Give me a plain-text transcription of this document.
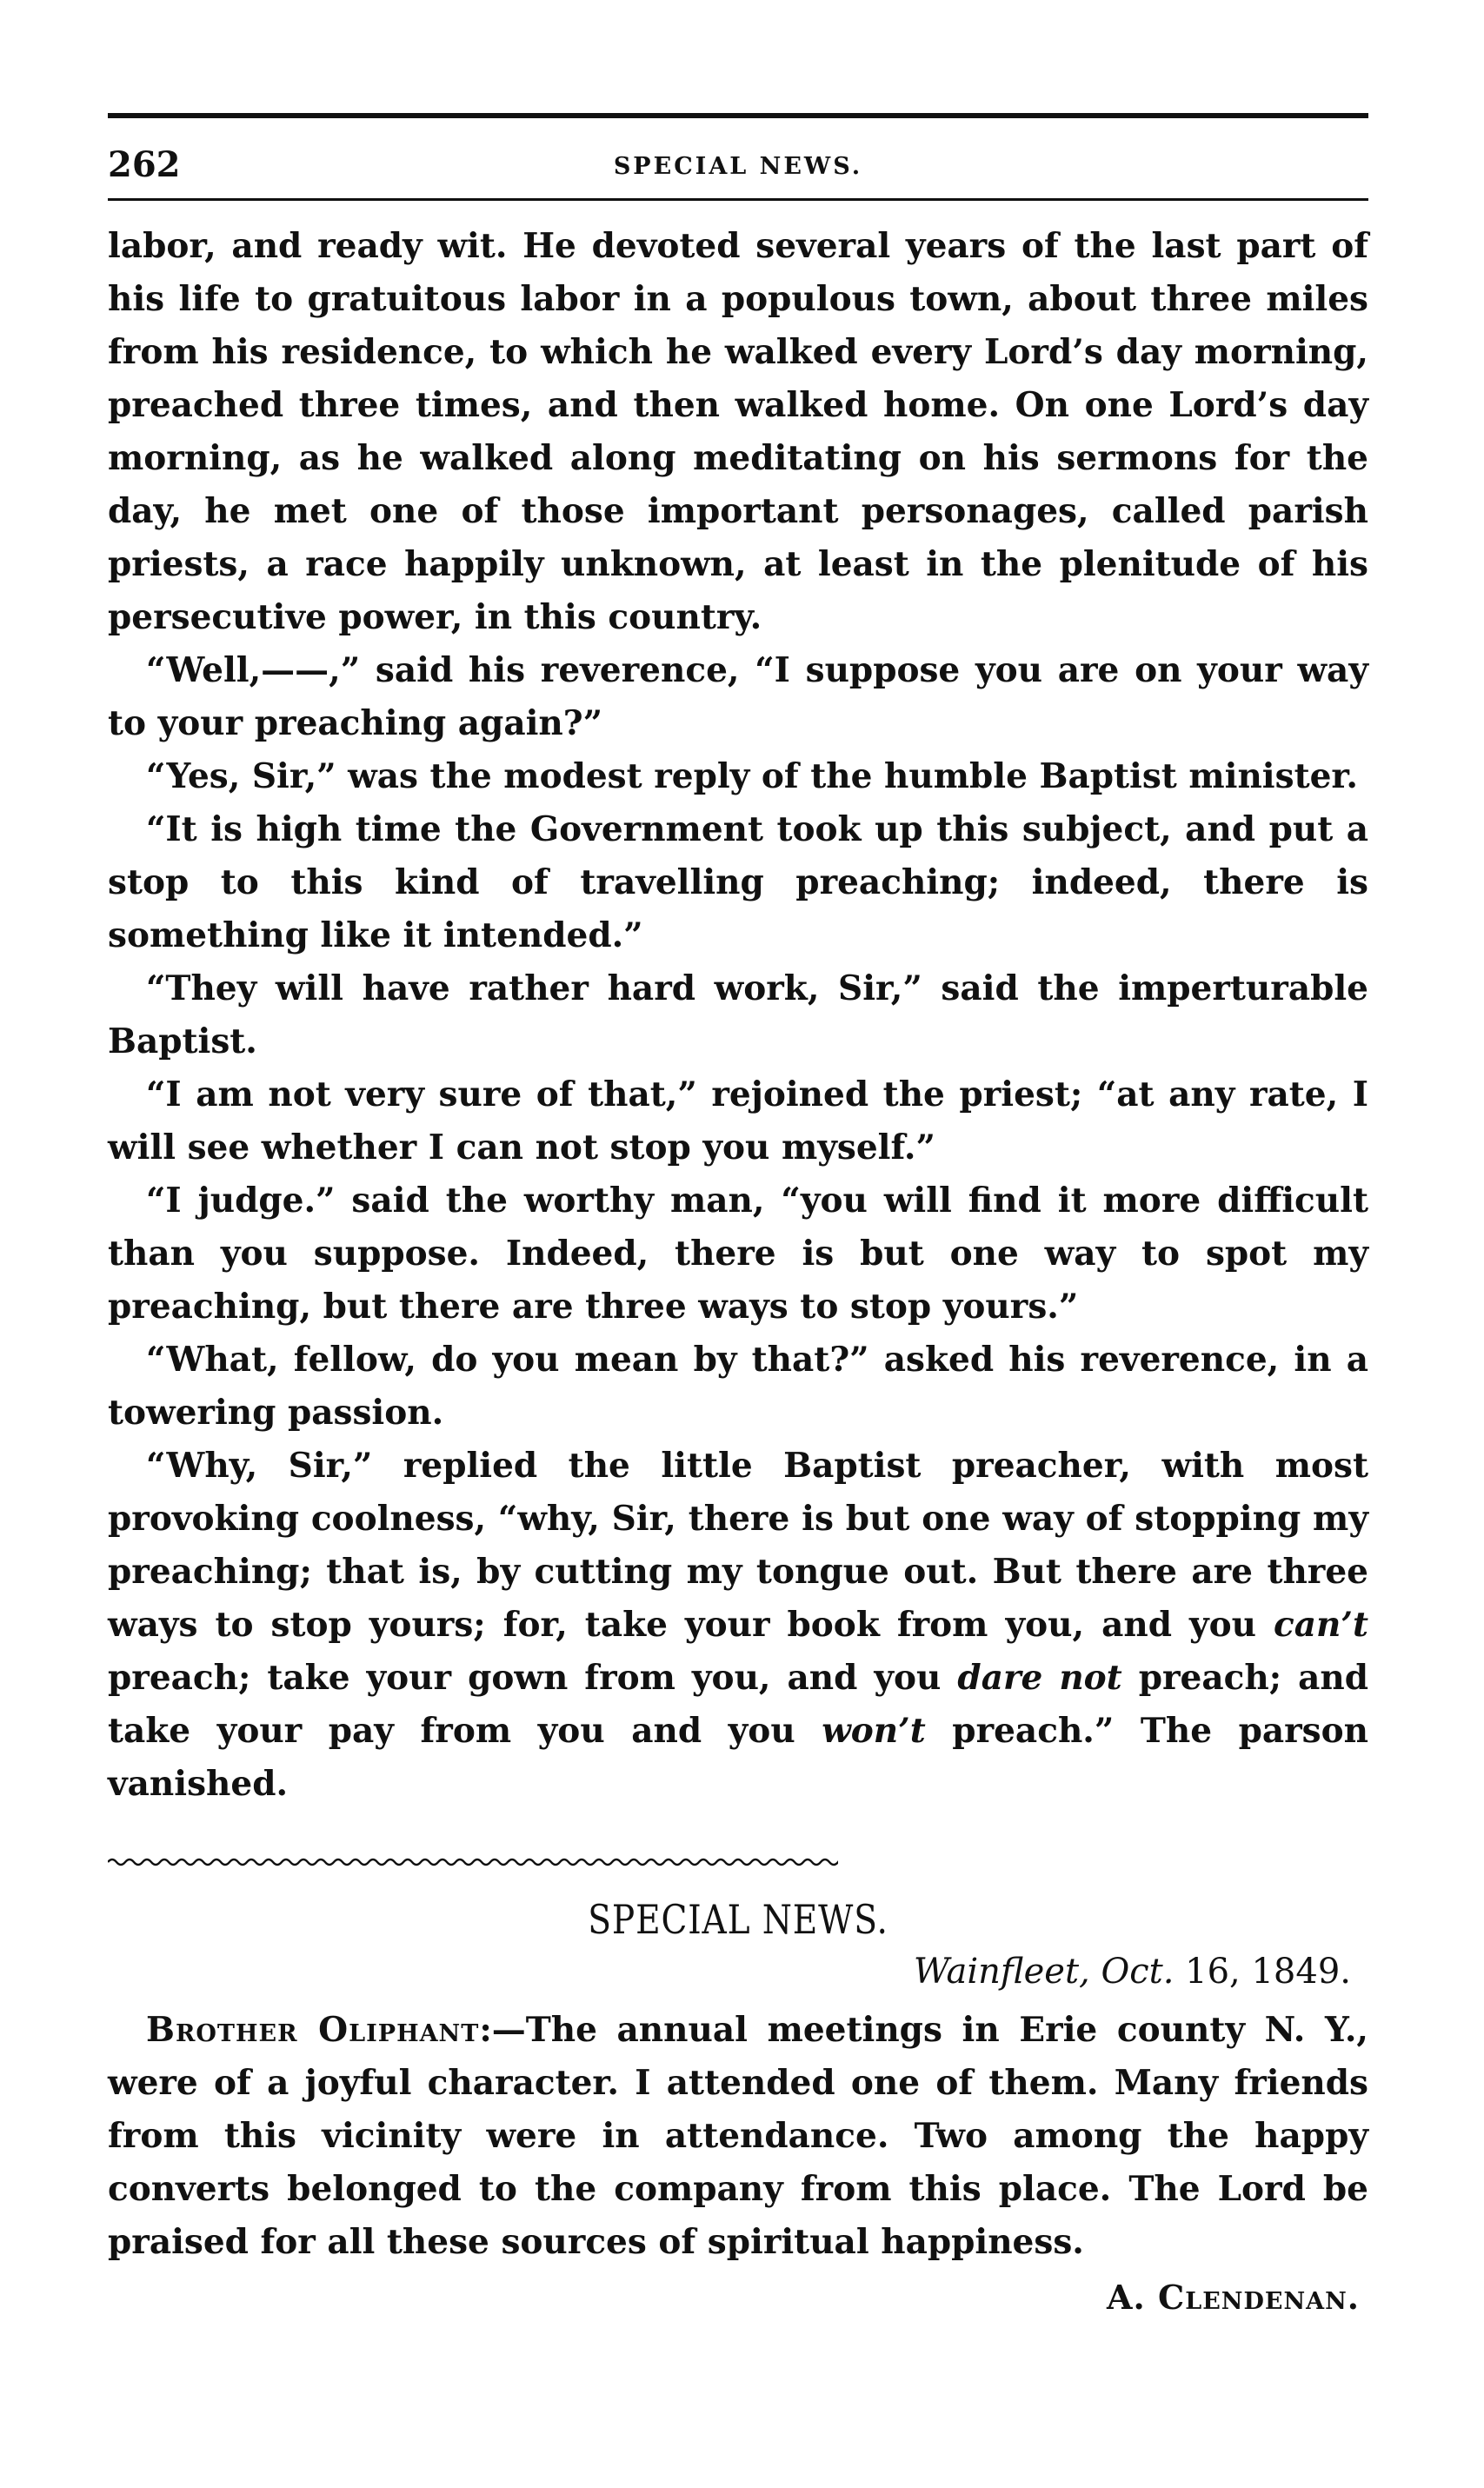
262	SPECIAL NEWS.

labor, and ready wit. He devoted several years of the last part of his life to gratuitous labor in a populous town, about three miles from his residence, to which he walked every Lord’s day morning, preached three times, and then walked home. On one Lord’s day morning, as he walked along meditating on his sermons for the day, he met one of those important personages, called parish priests, a race happily unknown, at least in the plenitude of his persecutive power, in this country.

“Well,——,” said his reverence, “I suppose you are on your way to your preaching again?”

“Yes, Sir,” was the modest reply of the humble Baptist minister.

“It is high time the Government took up this subject, and put a stop to this kind of travelling preaching; indeed, there is something like it intended.”

“They will have rather hard work, Sir,” said the imperturable Baptist.

“I am not very sure of that,” rejoined the priest; “at any rate, I will see whether I can not stop you myself.”

“I judge.” said the worthy man, “you will find it more difficult than you suppose. Indeed, there is but one way to spot my preaching, but there are three ways to stop yours.”

“What, fellow, do you mean by that?” asked his reverence, in a towering passion.

“Why, Sir,” replied the little Baptist preacher, with most provoking coolness, “why, Sir, there is but one way of stopping my preaching; that is, by cutting my tongue out. But there are three ways to stop yours; for, take your book from you, and you can’t preach; take your gown from you, and you dare not preach; and take your pay from you and you won’t preach.” The parson vanished.

SPECIAL NEWS.
Wainfleet, Oct. 16, 1849.
Brother Oliphant:—The annual meetings in Erie county N. Y., were of a joyful character. I attended one of them. Many friends from this vicinity were in attendance. Two among the happy converts belonged to the company from this place. The Lord be praised for all these sources of spiritual happiness.
A. Clendenan.
